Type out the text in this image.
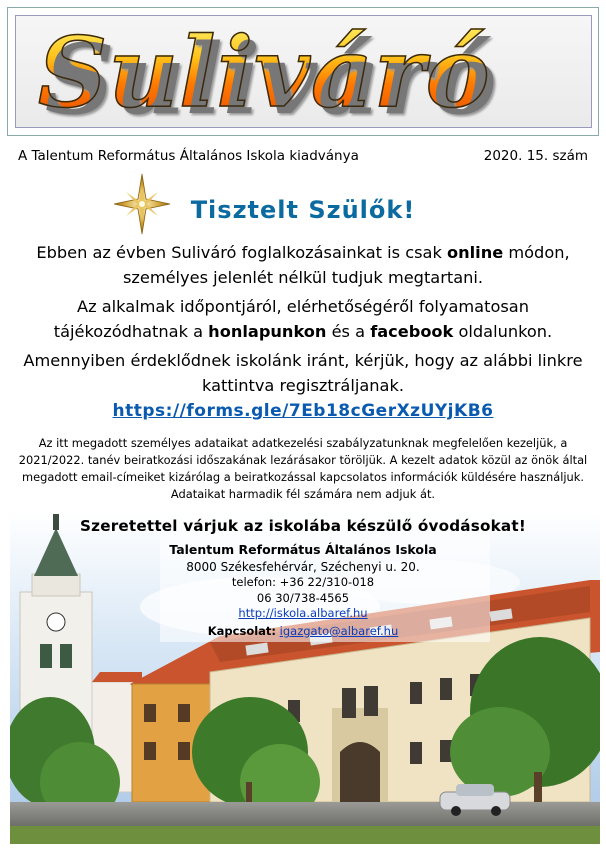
Suliváró
A Talentum Református Általános Iskola kiadványa	2020. 15. szám
Tisztelt Szülők!
Ebben az évben Suliváró foglalkozásainkat is csak online módon, személyes jelenlét nélkül tudjuk megtartani.
Az alkalmak időpontjáról, elérhetőségéről folyamatosan tájékozódhatnak a honlapunkon és a facebook oldalunkon.
Amennyiben érdeklődnek iskolánk iránt, kérjük, hogy az alábbi linkre kattintva regisztráljanak.
https://forms.gle/7Eb18cGerXzUYjKB6
Az itt megadott személyes adataikat adatkezelési szabályzatunknak megfelelően kezeljük, a 2021/2022. tanév beiratkozási időszakának lezárásakor töröljük. A kezelt adatok közül az önök által megadott email-címeiket kizárólag a beiratkozással kapcsolatos információk küldésére használjuk. Adataikat harmadik fél számára nem adjuk át.
Szeretettel várjuk az iskolába készülő óvodásokat!
Talentum Református Általános Iskola
8000 Székesfehérvár, Széchenyi u. 20.
telefon: +36 22/310-018
06 30/738-4565
http://iskola.albaref.hu
Kapcsolat: igazgato@albaref.hu
